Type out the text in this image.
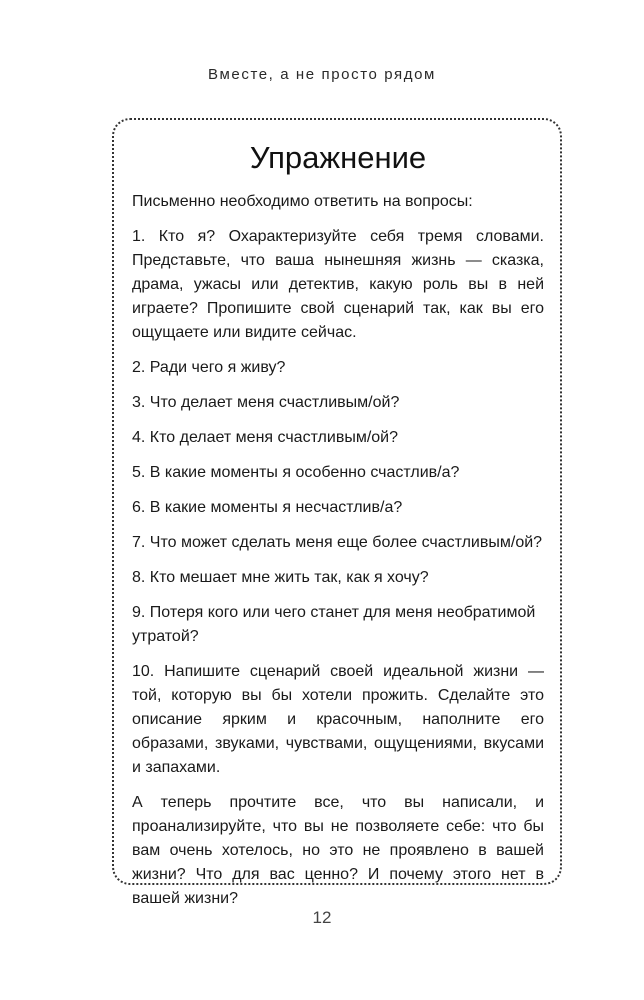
Вместе, а не просто рядом
Упражнение

Письменно необходимо ответить на вопросы:

1. Кто я? Охарактеризуйте себя тремя словами. Представьте, что ваша нынешняя жизнь — сказка, драма, ужасы или детектив, какую роль вы в ней играете? Пропишите свой сценарий так, как вы его ощущаете или видите сейчас.

2. Ради чего я живу?

3. Что делает меня счастливым/ой?

4. Кто делает меня счастливым/ой?

5. В какие моменты я особенно счастлив/а?

6. В какие моменты я несчастлив/а?

7. Что может сделать меня еще более счастливым/ой?

8. Кто мешает мне жить так, как я хочу?

9. Потеря кого или чего станет для меня необратимой утратой?

10. Напишите сценарий своей идеальной жизни — той, которую вы бы хотели прожить. Сделайте это описание ярким и красочным, наполните его образами, звуками, чувствами, ощущениями, вкусами и запахами.

А теперь прочтите все, что вы написали, и проанализируйте, что вы не позволяете себе: что бы вам очень хотелось, но это не проявлено в вашей жизни? Что для вас ценно? И почему этого нет в вашей жизни?

12
